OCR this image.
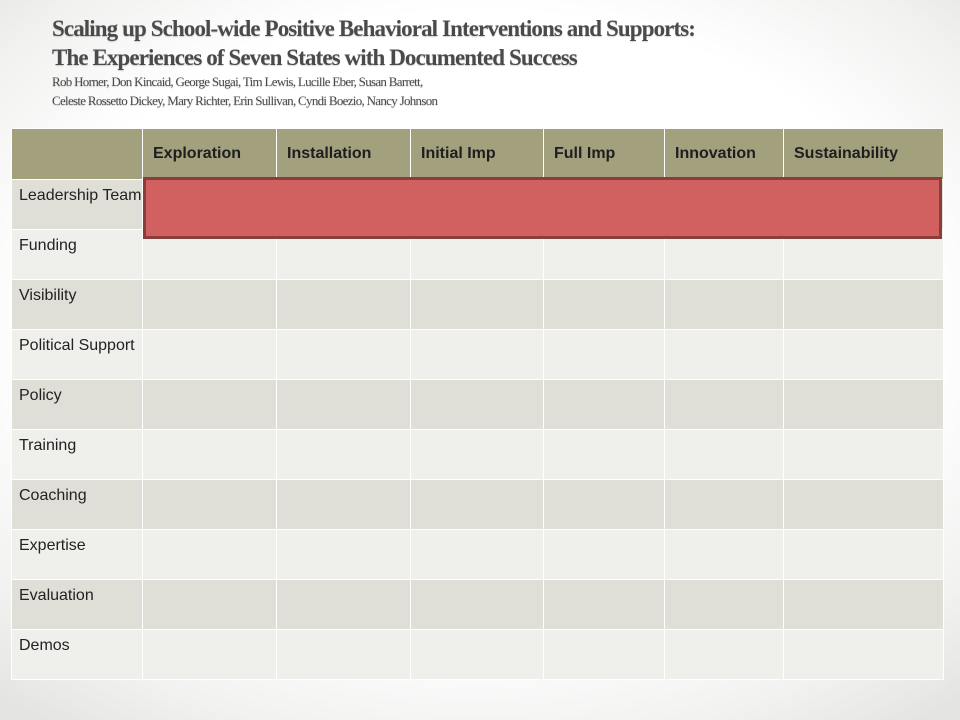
Scaling up School-wide Positive Behavioral Interventions and Supports:
The Experiences of Seven States with Documented Success
Rob Horner, Don Kincaid, George Sugai, Tim Lewis, Lucille Eber, Susan Barrett,
Celeste Rossetto Dickey, Mary Richter, Erin Sullivan, Cyndi Boezio, Nancy Johnson
	Exploration	Installation	Initial Imp	Full Imp	Innovation	Sustainability
Leadership Team						
Funding						
Visibility						
Political Support						
Policy						
Training						
Coaching						
Expertise						
Evaluation						
Demos						
